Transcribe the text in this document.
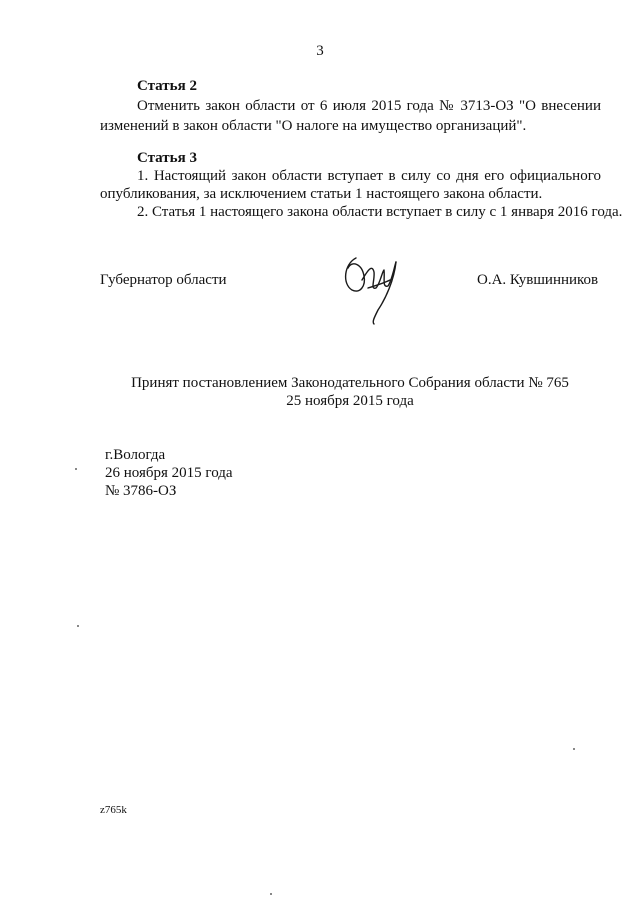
3
Статья 2
Отменить закон области от 6 июля 2015 года № 3713-ОЗ "О внесении
изменений в закон области "О налоге на имущество организаций".
Статья 3
1. Настоящий закон области вступает в силу со дня его официального
опубликования, за исключением статьи 1 настоящего закона области.
2. Статья 1 настоящего закона области вступает в силу с 1 января 2016 года.
Губернатор области	О.А. Кувшинников
Принят постановлением Законодательного Собрания области № 765
25 ноября 2015 года
г.Вологда
26 ноября 2015 года
№ 3786-ОЗ
z765k
